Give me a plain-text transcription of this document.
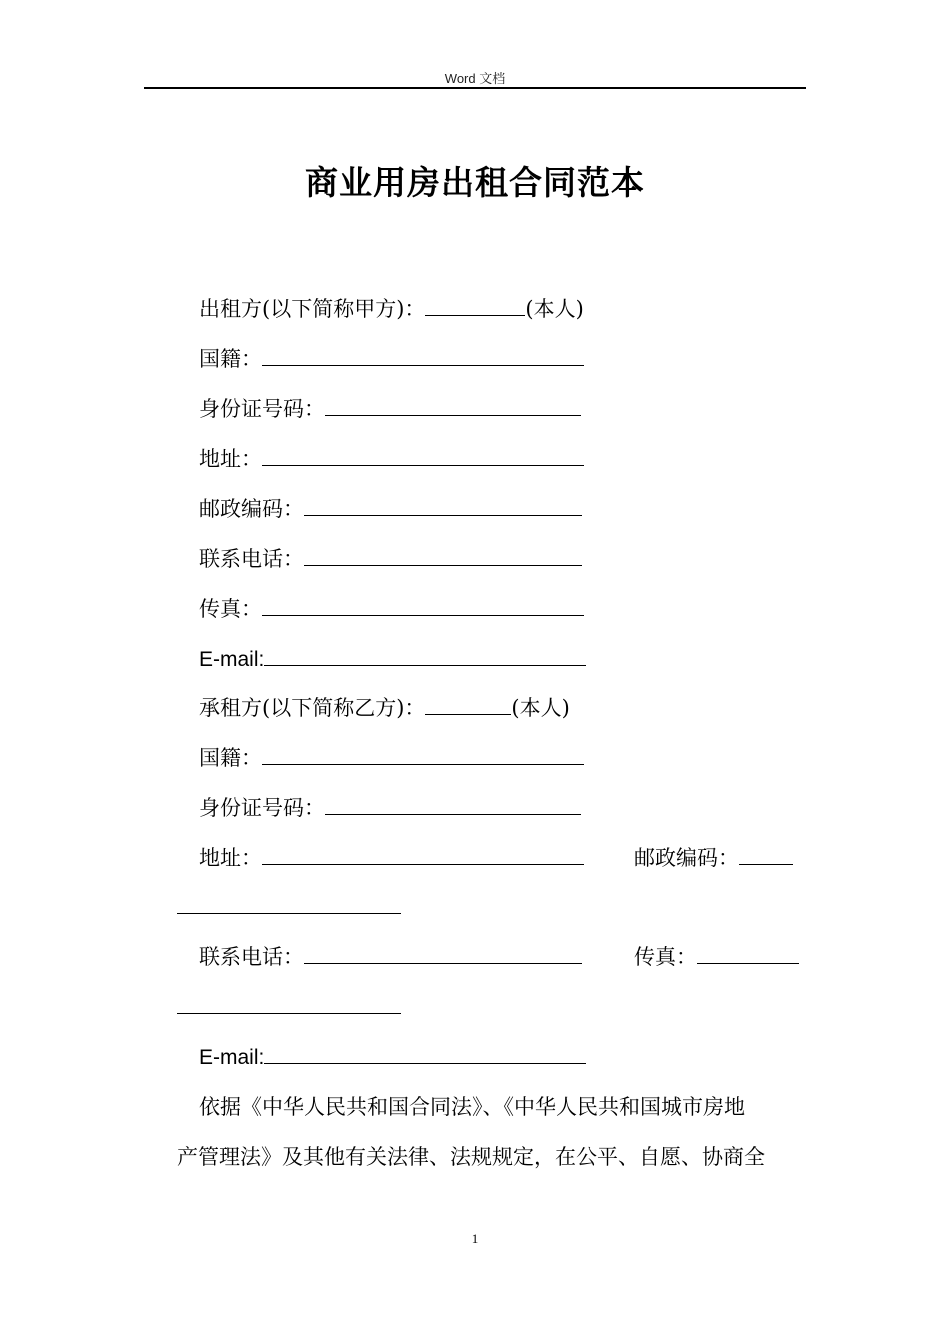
Word 文档
商业用房出租合同范本
出租方(以下简称甲方)：	(本人)
国籍：
身份证号码：
地址：
邮政编码：
联系电话：
传真：
E-mail:
承租方(以下简称乙方)：	(本人)
国籍：
身份证号码：
地址：	邮政编码：
联系电话：	传真：
E-mail:
依据《中华人民共和国合同法》、《中华人民共和国城市房地
产管理法》及其他有关法律、法规规定，在公平、自愿、协商全
1
